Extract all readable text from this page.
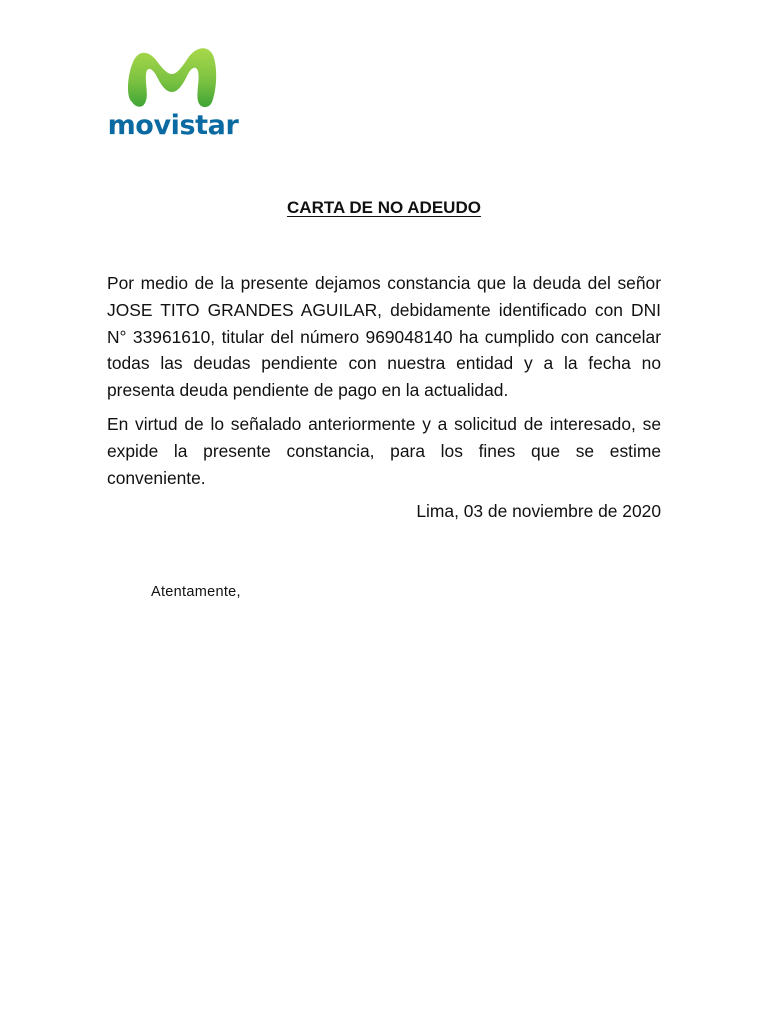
movistar
CARTA DE NO ADEUDO

Por medio de la presente dejamos constancia que la deuda del señor JOSE TITO GRANDES AGUILAR, debidamente identificado con DNI N° 33961610, titular del número 969048140 ha cumplido con cancelar todas las deudas pendiente con nuestra entidad y a la fecha no presenta deuda pendiente de pago en la actualidad.

En virtud de lo señalado anteriormente y a solicitud de interesado, se expide la presente constancia, para los fines que se estime conveniente.

Lima, 03 de noviembre de 2020

Atentamente,
